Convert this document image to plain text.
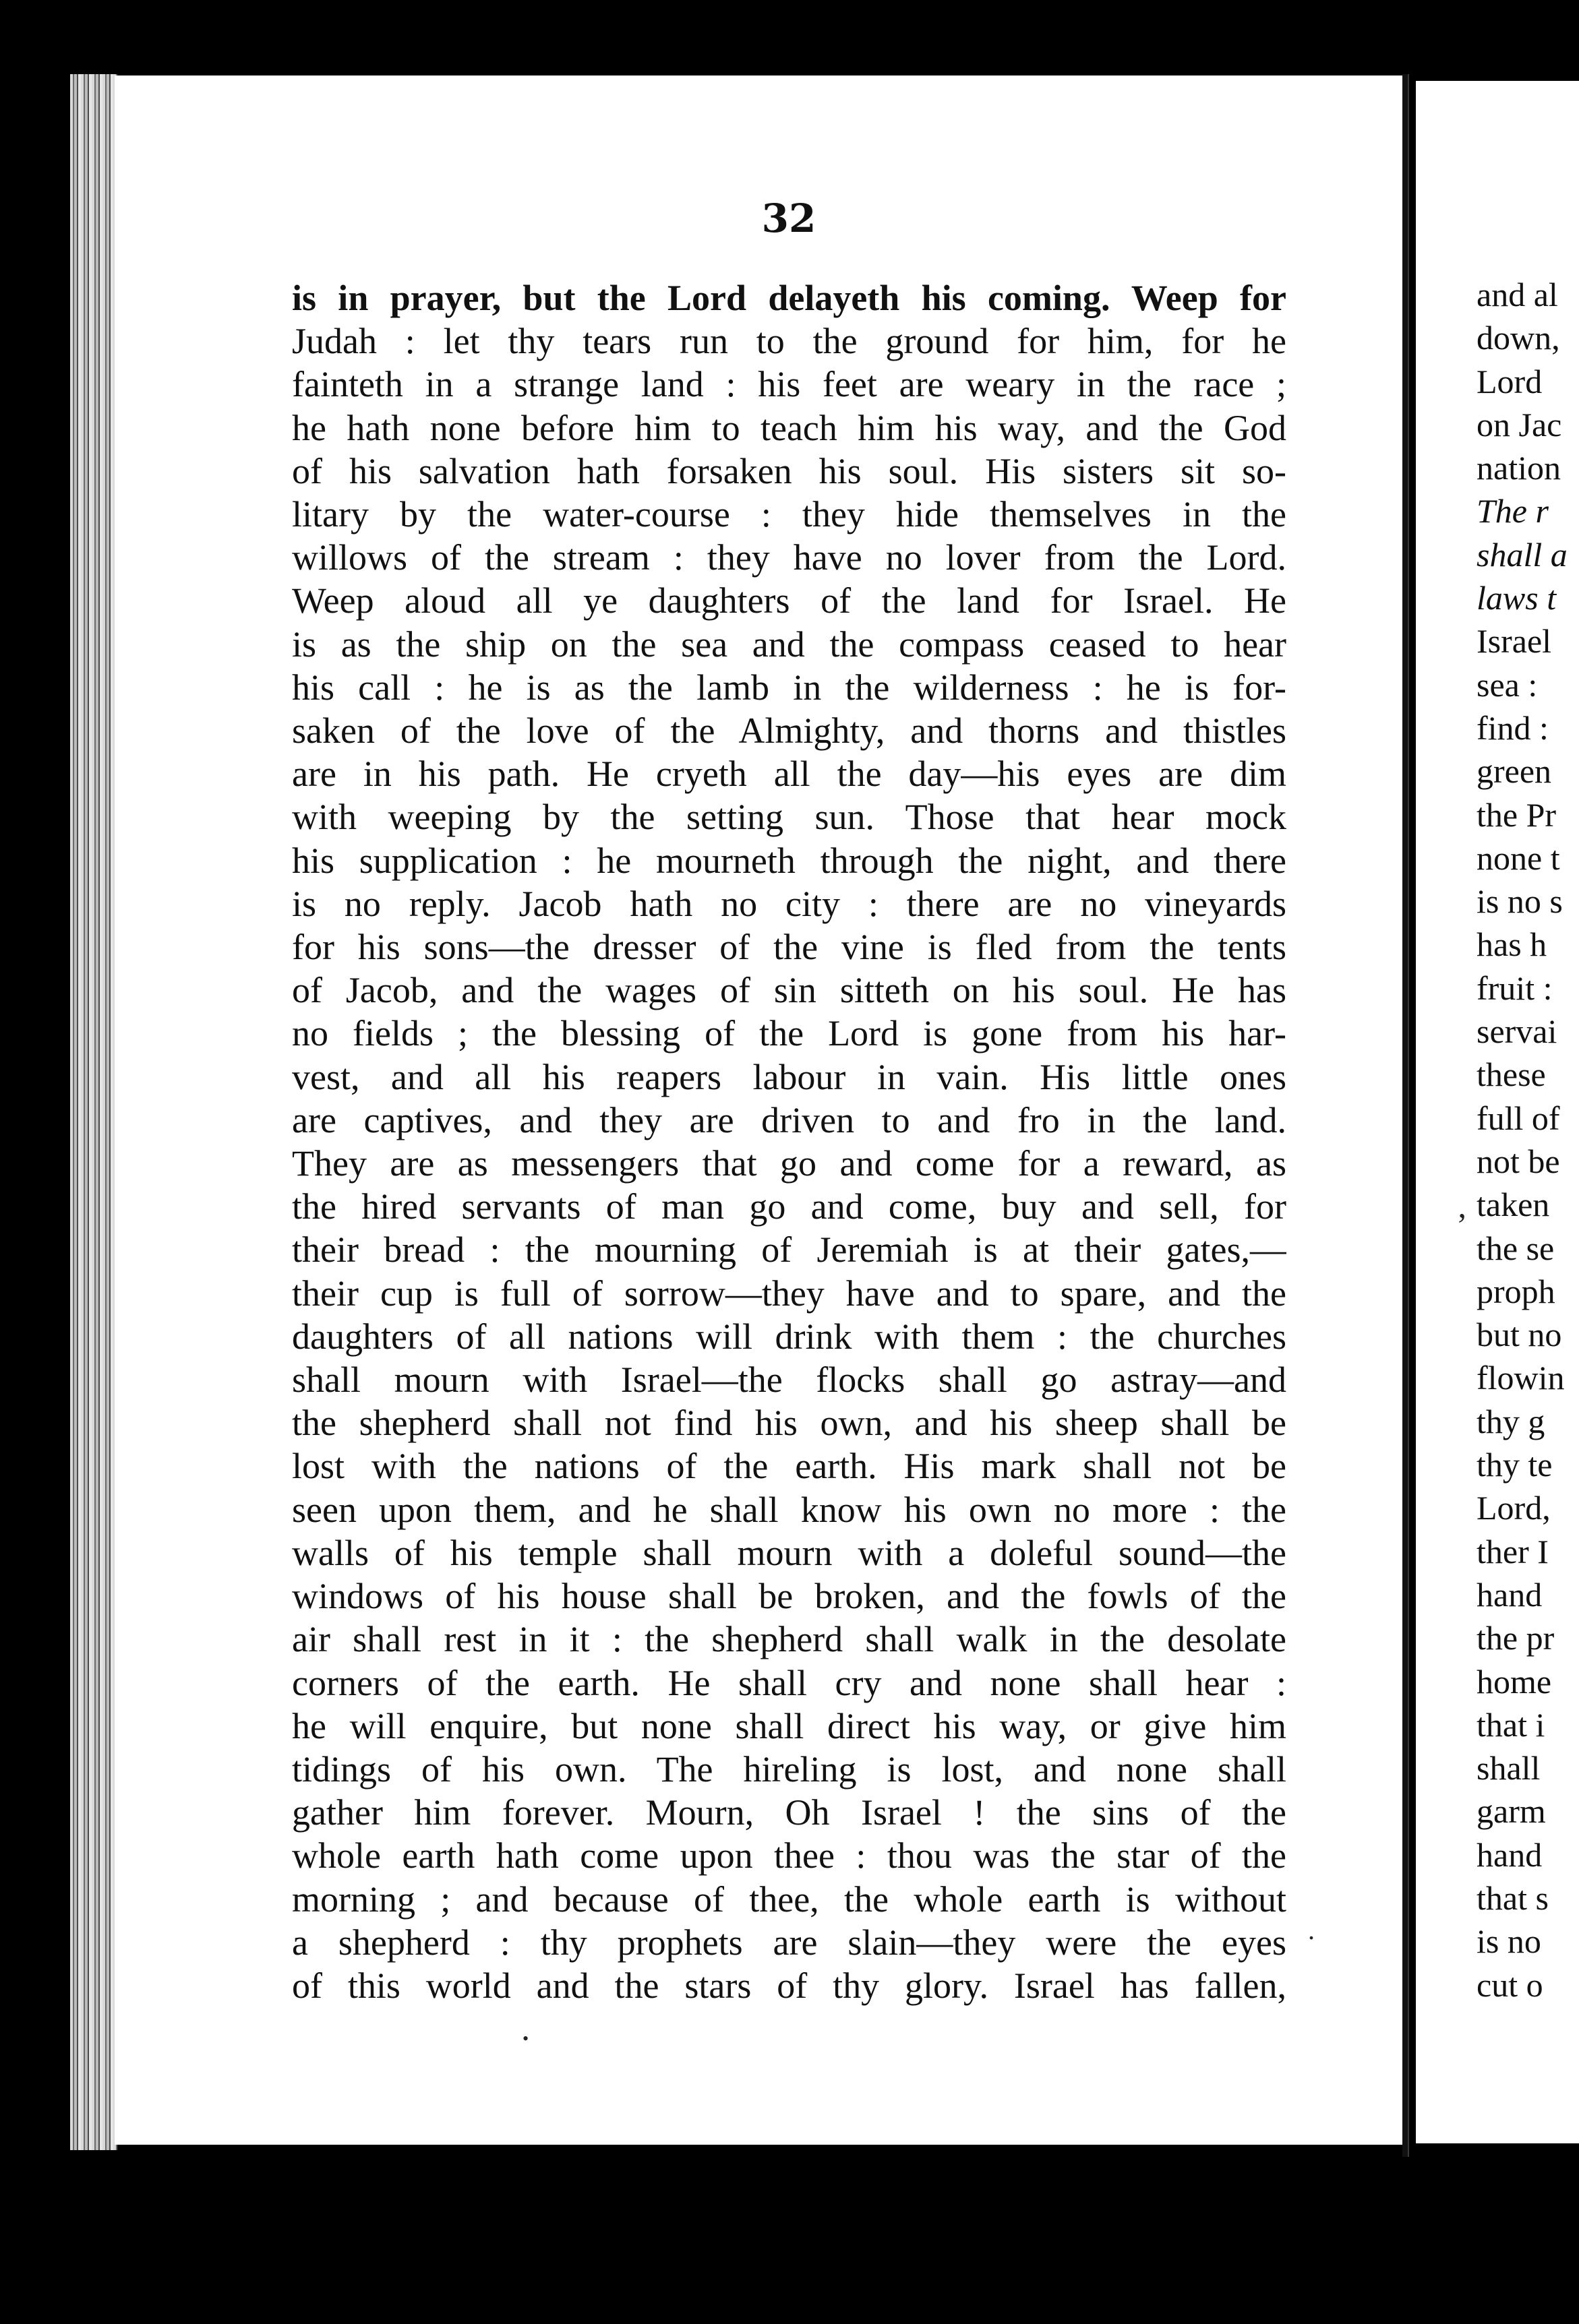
32
is in prayer, but the Lord delayeth his coming. Weep for
Judah : let thy tears run to the ground for him, for he
fainteth in a strange land : his feet are weary in the race ;
he hath none before him to teach him his way, and the God
of his salvation hath forsaken his soul. His sisters sit so-
litary by the water-course : they hide themselves in the
willows of the stream : they have no lover from the Lord.
Weep aloud all ye daughters of the land for Israel. He
is as the ship on the sea and the compass ceased to hear
his call : he is as the lamb in the wilderness : he is for-
saken of the love of the Almighty, and thorns and thistles
are in his path. He cryeth all the day—his eyes are dim
with weeping by the setting sun. Those that hear mock
his supplication : he mourneth through the night, and there
is no reply. Jacob hath no city : there are no vineyards
for his sons—the dresser of the vine is fled from the tents
of Jacob, and the wages of sin sitteth on his soul. He has
no fields ; the blessing of the Lord is gone from his har-
vest, and all his reapers labour in vain. His little ones
are captives, and they are driven to and fro in the land.
They are as messengers that go and come for a reward, as
the hired servants of man go and come, buy and sell, for
their bread : the mourning of Jeremiah is at their gates,—
their cup is full of sorrow—they have and to spare, and the
daughters of all nations will drink with them : the churches
shall mourn with Israel—the flocks shall go astray—and
the shepherd shall not find his own, and his sheep shall be
lost with the nations of the earth. His mark shall not be
seen upon them, and he shall know his own no more : the
walls of his temple shall mourn with a doleful sound—the
windows of his house shall be broken, and the fowls of the
air shall rest in it : the shepherd shall walk in the desolate
corners of the earth. He shall cry and none shall hear :
he will enquire, but none shall direct his way, or give him
tidings of his own. The hireling is lost, and none shall
gather him forever. Mourn, Oh Israel ! the sins of the
whole earth hath come upon thee : thou was the star of the
morning ; and because of thee, the whole earth is without
a shepherd : thy prophets are slain—they were the eyes
of this world and the stars of thy glory. Israel has fallen,
and al
down,
Lord
on Jac
nation
The r
shall a
laws t
Israel
sea :
find :
green
the Pr
none t
is no s
has h
fruit :
servai
these
full of
not be
taken
the se
proph
but no
flowin
thy g
thy te
Lord,
ther I
hand
the pr
home
that i
shall
garm
hand
that s
is no
cut o
‚
•
.
